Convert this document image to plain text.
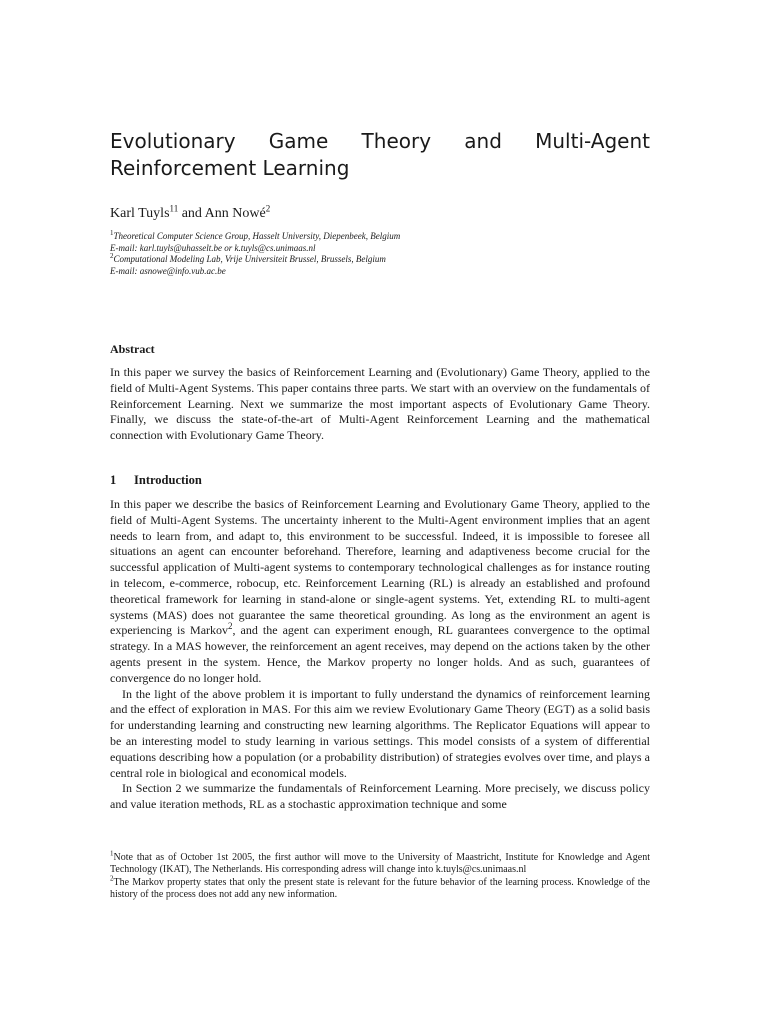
Evolutionary Game Theory and Multi-Agent Reinforcement Learning

Karl Tuyls$^{11}$ and Ann Nowé$^2$

$^1$Theoretical Computer Science Group, Hasselt University, Diepenbeek, Belgium
E-mail: karl.tuyls@uhasselt.be or k.tuyls@cs.unimaas.nl
$^2$Computational Modeling Lab, Vrije Universiteit Brussel, Brussels, Belgium
E-mail: asnowe@info.vub.ac.be
Abstract

In this paper we survey the basics of Reinforcement Learning and (Evolutionary) Game Theory, applied to the field of Multi-Agent Systems. This paper contains three parts. We start with an overview on the fundamentals of Reinforcement Learning. Next we summarize the most important aspects of Evolutionary Game Theory. Finally, we discuss the state-of-the-art of Multi-Agent Reinforcement Learning and the mathematical connection with Evolutionary Game Theory.

1 Introduction

In this paper we describe the basics of Reinforcement Learning and Evolutionary Game Theory, applied to the field of Multi-Agent Systems. The uncertainty inherent to the Multi-Agent environment implies that an agent needs to learn from, and adapt to, this environment to be successful. Indeed, it is impossible to foresee all situations an agent can encounter beforehand. Therefore, learning and adaptiveness become crucial for the successful application of Multi-agent systems to contemporary technological challenges as for instance routing in telecom, e-commerce, robocup, etc. Reinforcement Learning (RL) is already an established and profound theoretical framework for learning in stand-alone or single-agent systems. Yet, extending RL to multi-agent systems (MAS) does not guarantee the same theoretical grounding. As long as the environment an agent is experiencing is Markov$^2$, and the agent can experiment enough, RL guarantees convergence to the optimal strategy. In a MAS however, the reinforcement an agent receives, may depend on the actions taken by the other agents present in the system. Hence, the Markov property no longer holds. And as such, guarantees of convergence do no longer hold.

In the light of the above problem it is important to fully understand the dynamics of reinforcement learning and the effect of exploration in MAS. For this aim we review Evolutionary Game Theory (EGT) as a solid basis for understanding learning and constructing new learning algorithms. The Replicator Equations will appear to be an interesting model to study learning in various settings. This model consists of a system of differential equations describing how a population (or a probability distribution) of strategies evolves over time, and plays a central role in biological and economical models.

In Section 2 we summarize the fundamentals of Reinforcement Learning. More precisely, we discuss policy and value iteration methods, RL as a stochastic approximation technique and some

$^1$Note that as of October 1st 2005, the first author will move to the University of Maastricht, Institute for Knowledge and Agent Technology (IKAT), The Netherlands. His corresponding adress will change into k.tuyls@cs.unimaas.nl

$^2$The Markov property states that only the present state is relevant for the future behavior of the learning process. Knowledge of the history of the process does not add any new information.
